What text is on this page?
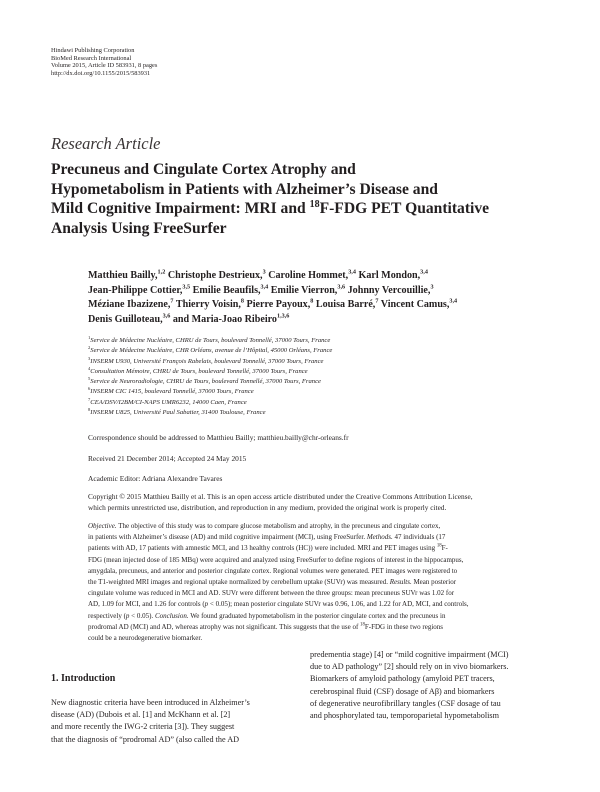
Hindawi Publishing Corporation
BioMed Research International
Volume 2015, Article ID 583931, 8 pages
http://dx.doi.org/10.1155/2015/583931
Research Article
Precuneus and Cingulate Cortex Atrophy and
Hypometabolism in Patients with Alzheimer’s Disease and
Mild Cognitive Impairment: MRI and $^{18}$F-FDG PET Quantitative
Analysis Using FreeSurfer
Matthieu Bailly,$^{1,2}$ Christophe Destrieux,$^3$ Caroline Hommet,$^{3,4}$ Karl Mondon,$^{3,4}$
Jean-Philippe Cottier,$^{3,5}$ Emilie Beaufils,$^{3,4}$ Emilie Vierron,$^{3,6}$ Johnny Vercouillie,$^3$
Méziane Ibazizene,$^7$ Thierry Voisin,$^8$ Pierre Payoux,$^8$ Louisa Barré,$^7$ Vincent Camus,$^{3,4}$
Denis Guilloteau,$^{3,6}$ and Maria-Joao Ribeiro$^{1,3,6}$
$^1$Service de Médecine Nucléaire, CHRU de Tours, boulevard Tonnellé, 37000 Tours, France
$^2$Service de Médecine Nucléaire, CHR Orléans, avenue de l’Hôpital, 45000 Orléans, France
$^3$INSERM U930, Université François Rabelais, boulevard Tonnellé, 37000 Tours, France
$^4$Consultation Mémoire, CHRU de Tours, boulevard Tonnellé, 37000 Tours, France
$^5$Service de Neuroradiologie, CHRU de Tours, boulevard Tonnellé, 37000 Tours, France
$^6$INSERM CIC 1415, boulevard Tonnellé, 37000 Tours, France
$^7$CEA/DSV/I2BM/CI-NAPS UMR6232, 14000 Caen, France
$^8$INSERM U825, Université Paul Sabatier, 31400 Toulouse, France
Correspondence should be addressed to Matthieu Bailly; matthieu.bailly@chr-orleans.fr
Received 21 December 2014; Accepted 24 May 2015
Academic Editor: Adriana Alexandre Tavares
Copyright © 2015 Matthieu Bailly et al. This is an open access article distributed under the Creative Commons Attribution License,
which permits unrestricted use, distribution, and reproduction in any medium, provided the original work is properly cited.
Objective. The objective of this study was to compare glucose metabolism and atrophy, in the precuneus and cingulate cortex,
in patients with Alzheimer’s disease (AD) and mild cognitive impairment (MCI), using FreeSurfer. Methods. 47 individuals (17
patients with AD, 17 patients with amnestic MCI, and 13 healthy controls (HC)) were included. MRI and PET images using $^{18}$F-
FDG (mean injected dose of 185 MBq) were acquired and analyzed using FreeSurfer to define regions of interest in the hippocampus,
amygdala, precuneus, and anterior and posterior cingulate cortex. Regional volumes were generated. PET images were registered to
the T1-weighted MRI images and regional uptake normalized by cerebellum uptake (SUVr) was measured. Results. Mean posterior
cingulate volume was reduced in MCI and AD. SUVr were different between the three groups: mean precuneus SUVr was 1.02 for
AD, 1.09 for MCI, and 1.26 for controls (p < 0.05); mean posterior cingulate SUVr was 0.96, 1.06, and 1.22 for AD, MCI, and controls,
respectively (p < 0.05). Conclusion. We found graduated hypometabolism in the posterior cingulate cortex and the precuneus in
prodromal AD (MCI) and AD, whereas atrophy was not significant. This suggests that the use of $^{18}$F-FDG in these two regions
could be a neurodegenerative biomarker.
1. Introduction
New diagnostic criteria have been introduced in Alzheimer’s
disease (AD) (Dubois et al. [1] and McKhann et al. [2]
and more recently the IWG-2 criteria [3]). They suggest
that the diagnosis of “prodromal AD” (also called the AD
predementia stage) [4] or “mild cognitive impairment (MCI)
due to AD pathology” [2] should rely on in vivo biomarkers.
Biomarkers of amyloid pathology (amyloid PET tracers,
cerebrospinal fluid (CSF) dosage of Aβ) and biomarkers
of degenerative neurofibrillary tangles (CSF dosage of tau
and phosphorylated tau, temporoparietal hypometabolism
